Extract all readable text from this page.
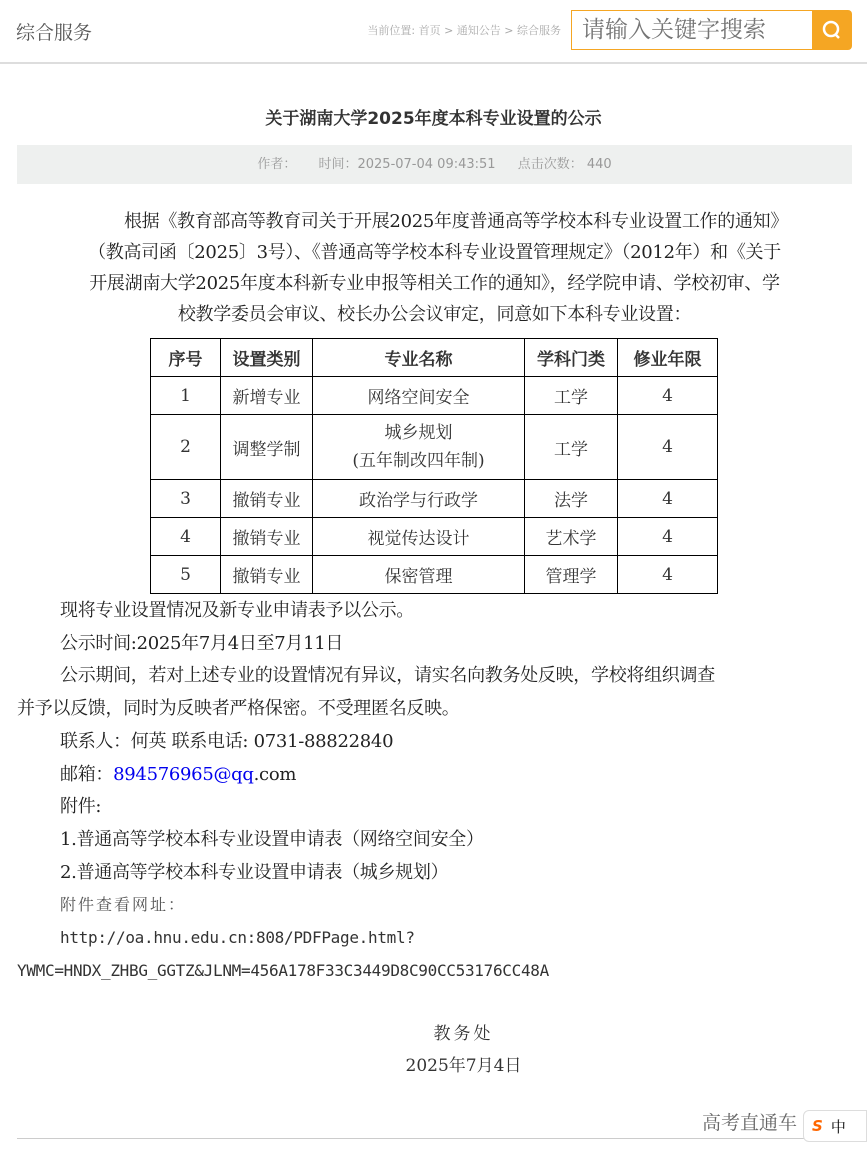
综合服务	当前位置: 首页 > 通知公告 > 综合服务
请输入关键字搜索
关于湖南大学2025年度本科专业设置的公示
作者： 时间：2025-07-04 09:43:51 点击次数： 440
根据《教育部高等教育司关于开展2025年度普通高等学校本科专业设置工作的通知》
（教高司函〔2025〕3号）、《普通高等学校本科专业设置管理规定》（2012年）和《关于
开展湖南大学2025年度本科新专业申报等相关工作的通知》，经学院申请、学校初审、学
校教学委员会审议、校长办公会议审定，同意如下本科专业设置：
序号	设置类别	专业名称	学科门类	修业年限
1	新增专业	网络空间安全	工学	4
2	调整学制	城乡规划
(五年制改四年制)	工学	4
3	撤销专业	政治学与行政学	法学	4
4	撤销专业	视觉传达设计	艺术学	4
5	撤销专业	保密管理	管理学	4
现将专业设置情况及新专业申请表予以公示。
公示时间:2025年7月4日至7月11日
公示期间，若对上述专业的设置情况有异议，请实名向教务处反映，学校将组织调查
并予以反馈，同时为反映者严格保密。不受理匿名反映。
联系人：何英 联系电话: 0731-88822840
邮箱：894576965@qq.com
附件:
1.普通高等学校本科专业设置申请表（网络空间安全）
2.普通高等学校本科专业设置申请表（城乡规划）
附件查看网址：
http://oa.hnu.edu.cn:808/PDFPage.html?
YWMC=HNDX_ZHBG_GGTZ&JLNM=456A178F33C3449D8C90CC53176CC48A
教务处
2025年7月4日
高考直通车 S 中
